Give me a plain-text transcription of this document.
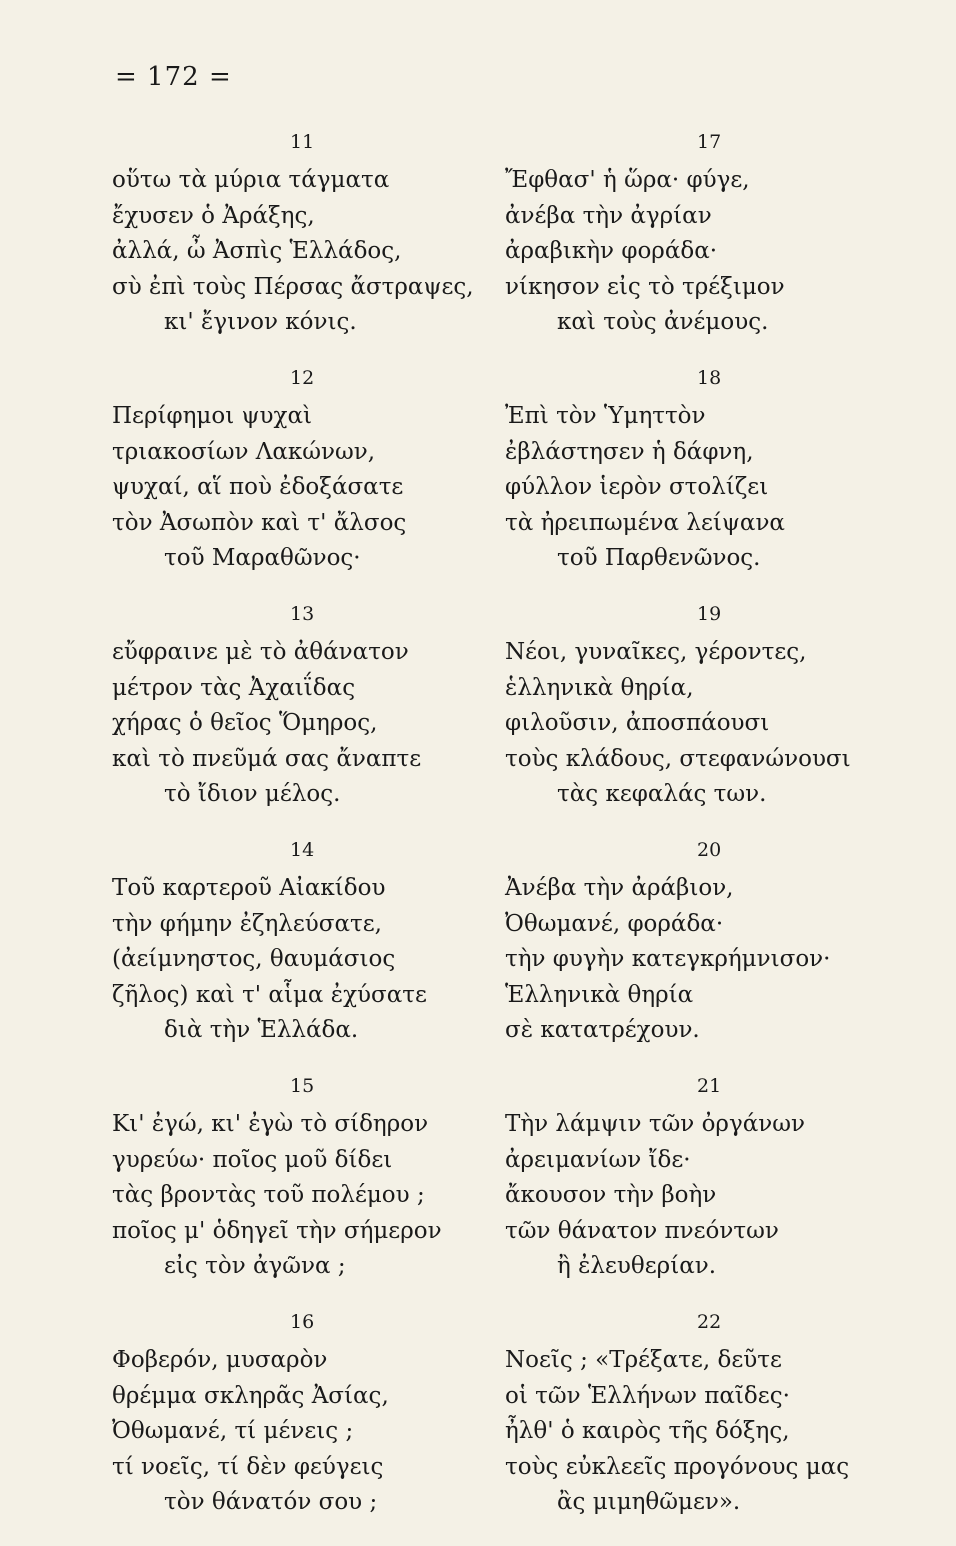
= 172 =
11
οὕτω τὰ μύρια τάγματα
ἔχυσεν ὁ Ἀράξης,
ἀλλά, ὦ Ἀσπὶς Ἑλλάδος,
σὺ ἐπὶ τοὺς Πέρσας ἄστραψες,
κι' ἔγινον κόνις.
12
Περίφημοι ψυχαὶ
τριακοσίων Λακώνων,
ψυχαί, αἵ ποὺ ἐδοξάσατε
τὸν Ἀσωπὸν καὶ τ' ἄλσος
τοῦ Μαραθῶνος·
13
εὔφραινε μὲ τὸ ἀθάνατον
μέτρον τὰς Ἀχαιΐδας
χήρας ὁ θεῖος Ὅμηρος,
καὶ τὸ πνεῦμά σας ἄναπτε
τὸ ἴδιον μέλος.
14
Τοῦ καρτεροῦ Αἰακίδου
τὴν φήμην ἐζηλεύσατε,
(ἀείμνηστος, θαυμάσιος
ζῆλος) καὶ τ' αἷμα ἐχύσατε
διὰ τὴν Ἑλλάδα.
15
Κι' ἐγώ, κι' ἐγὼ τὸ σίδηρον
γυρεύω· ποῖος μοῦ δίδει
τὰς βροντὰς τοῦ πολέμου ;
ποῖος μ' ὁδηγεῖ τὴν σήμερον
εἰς τὸν ἀγῶνα ;
16
Φοβερόν, μυσαρὸν
θρέμμα σκληρᾶς Ἀσίας,
Ὀθωμανέ, τί μένεις ;
τί νοεῖς, τί δὲν φεύγεις
τὸν θάνατόν σου ;
17
Ἔφθασ' ἡ ὥρα· φύγε,
ἀνέβα τὴν ἀγρίαν
ἀραβικὴν φοράδα·
νίκησον εἰς τὸ τρέξιμον
καὶ τοὺς ἀνέμους.
18
Ἐπὶ τὸν Ὑμηττὸν
ἐβλάστησεν ἡ δάφνη,
φύλλον ἱερὸν στολίζει
τὰ ἠρειπωμένα λείψανα
τοῦ Παρθενῶνος.
19
Νέοι, γυναῖκες, γέροντες,
ἑλληνικὰ θηρία,
φιλοῦσιν, ἀποσπάουσι
τοὺς κλάδους, στεφανώνουσι
τὰς κεφαλάς των.
20
Ἀνέβα τὴν ἀράβιον,
Ὀθωμανέ, φοράδα·
τὴν φυγὴν κατεγκρήμνισον·
Ἑλληνικὰ θηρία
σὲ κατατρέχουν.
21
Τὴν λάμψιν τῶν ὀργάνων
ἀρειμανίων ἴδε·
ἄκουσον τὴν βοὴν
τῶν θάνατον πνεόντων
ἢ ἐλευθερίαν.
22
Νοεῖς ; «Τρέξατε, δεῦτε
οἱ τῶν Ἑλλήνων παῖδες·
ἦλθ' ὁ καιρὸς τῆς δόξης,
τοὺς εὐκλεεῖς προγόνους μας
ἂς μιμηθῶμεν».
